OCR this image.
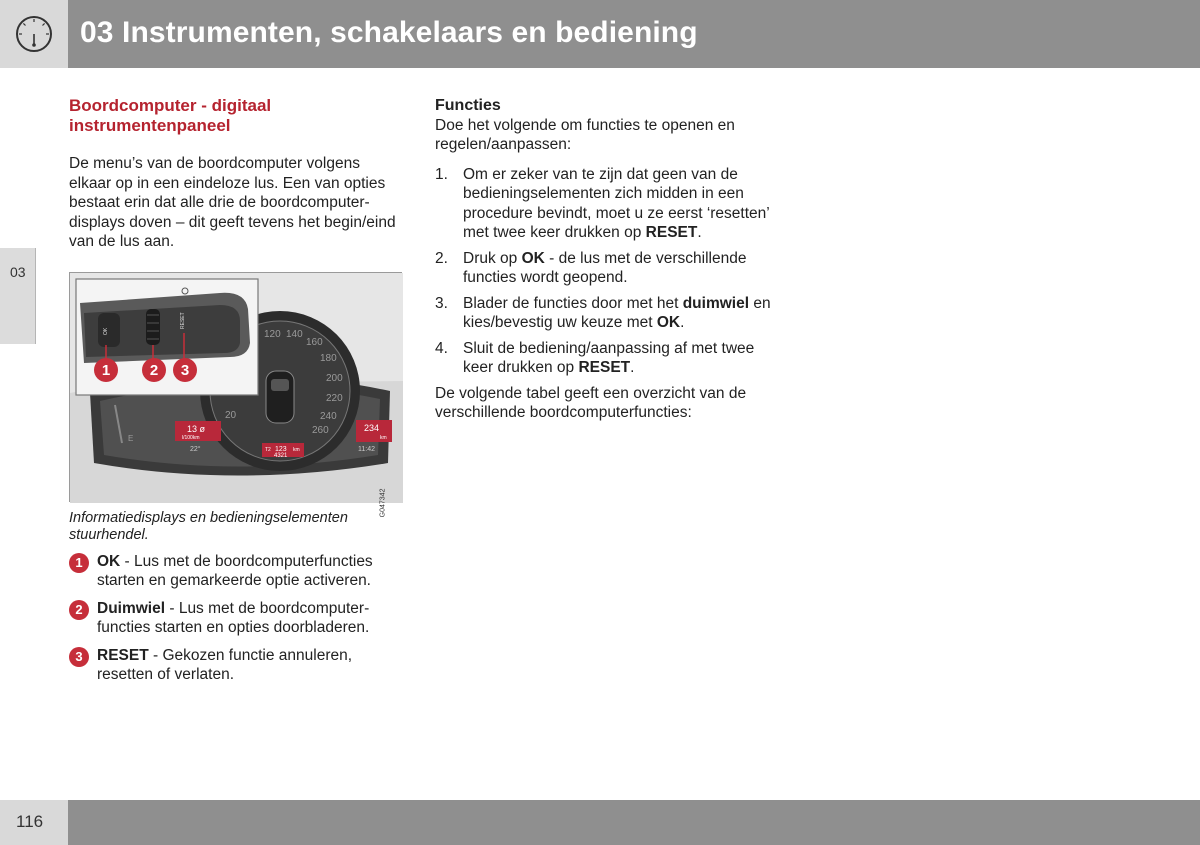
03 Instrumenten, schakelaars en bediening
03
Boordcomputer - digitaal instrumentenpaneel
De menu’s van de boordcomputer volgens elkaar op in een eindeloze lus. Een van opties bestaat erin dat alle drie de boordcomputer-displays doven – dit geeft tevens het begin/eind van de lus aan.
20
120 140
160
180
200
220
240
260
E
13 ø
l/100km
22°
234
km
11:42
T2 123 km
4321
OK
RESET
1	2 3
G047342
Informatiedisplays en bedieningselementen stuurhendel.
1 OK - Lus met de boordcomputerfuncties starten en gemarkeerde optie activeren.
2 Duimwiel - Lus met de boordcomputer-functies starten en opties doorbladeren.
3 RESET - Gekozen functie annuleren, resetten of verlaten.
Functies
Doe het volgende om functies te openen en regelen/aanpassen:
1. Om er zeker van te zijn dat geen van de bedieningselementen zich midden in een procedure bevindt, moet u ze eerst ‘resetten’ met twee keer drukken op RESET.
2. Druk op OK - de lus met de verschillende functies wordt geopend.
3. Blader de functies door met het duimwiel en kies/bevestig uw keuze met OK.
4. Sluit de bediening/aanpassing af met twee keer drukken op RESET.
De volgende tabel geeft een overzicht van de verschillende boordcomputerfuncties:
116
